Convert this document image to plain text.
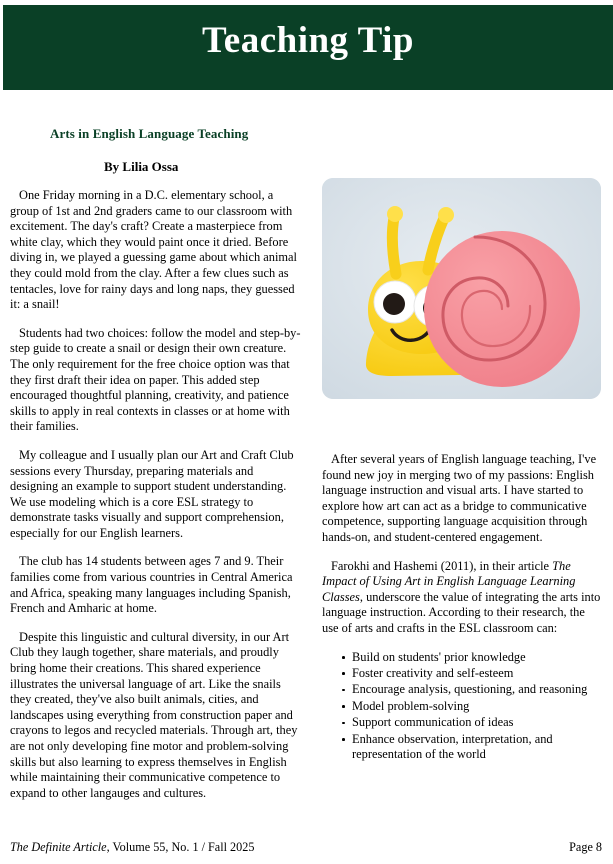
Teaching Tip
Arts in English Language Teaching
By Lilia Ossa

One Friday morning in a D.C. elementary school, a group of 1st and 2nd graders came to our classroom with excitement. The day's craft? Create a masterpiece from white clay, which they would paint once it dried. Before diving in, we played a guessing game about which animal they could mold from the clay. After a few clues such as tentacles, love for rainy days and long naps, they guessed it: a snail!

Students had two choices: follow the model and step-by-step guide to create a snail or design their own creature. The only requirement for the free choice option was that they first draft their idea on paper. This added step encouraged thoughtful planning, creativity, and patience skills to apply in real contexts in classes or at home with their families.

My colleague and I usually plan our Art and Craft Club sessions every Thursday, preparing materials and designing an example to support student understanding. We use modeling which is a core ESL strategy to demonstrate tasks visually and support comprehension, especially for our English learners.

The club has 14 students between ages 7 and 9. Their families come from various countries in Central America and Africa, speaking many languages including Spanish, French and Amharic at home.

Despite this linguistic and cultural diversity, in our Art Club they laugh together, share materials, and proudly bring home their creations. This shared experience illustrates the universal language of art. Like the snails they created, they've also built animals, cities, and landscapes using everything from construction paper and crayons to legos and recycled materials. Through art, they are not only developing fine motor and problem-solving skills but also learning to express themselves in English while maintaining their communicative competence to expand to other langauges and cultures.

After several years of English language teaching, I've found new joy in merging two of my passions: English language instruction and visual arts. I have started to explore how art can act as a bridge to communicative competence, supporting language acquisition through hands-on, and student-centered engagement.

Farokhi and Hashemi (2011), in their article The Impact of Using Art in English Language Learning Classes, underscore the value of integrating the arts into language instruction. According to their research, the use of arts and crafts in the ESL classroom can:

Build on students' prior knowledge
Foster creativity and self-esteem
Encourage analysis, questioning, and reasoning
Model problem-solving
Support communication of ideas
Enhance observation, interpretation, and representation of the world
The Definite Article, Volume 55, No. 1 / Fall 2025	Page 8
